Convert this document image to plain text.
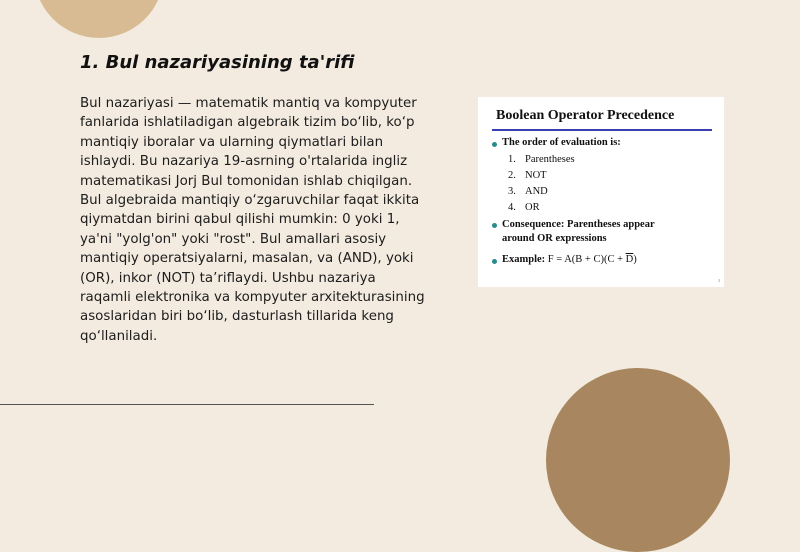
1. Bul nazariyasining ta'rifi

Bul nazariyasi — matematik mantiq va kompyuter fanlarida ishlatiladigan algebraik tizim bo‘lib, ko‘p mantiqiy iboralar va ularning qiymatlari bilan ishlaydi. Bu nazariya 19-asrning o'rtalarida ingliz matematikasi Jorj Bul tomonidan ishlab chiqilgan. Bul algebraida mantiqiy o‘zgaruvchilar faqat ikkita qiymatdan birini qabul qilishi mumkin: 0 yoki 1, ya'ni "yolg'on" yoki "rost". Bul amallari asosiy mantiqiy operatsiyalarni, masalan, va (AND), yoki (OR), inkor (NOT) ta’riflaydi. Ushbu nazariya raqamli elektronika va kompyuter arxitekturasining asoslaridan biri bo‘lib, dasturlash tillarida keng qo‘llaniladi.

Boolean Operator Precedence
The order of evaluation is:
1. Parentheses
2. NOT
3. AND
4. OR
Consequence: Parentheses appear
around OR expressions
Example: $F = A(B + C)(C + \overline{D})$
3
